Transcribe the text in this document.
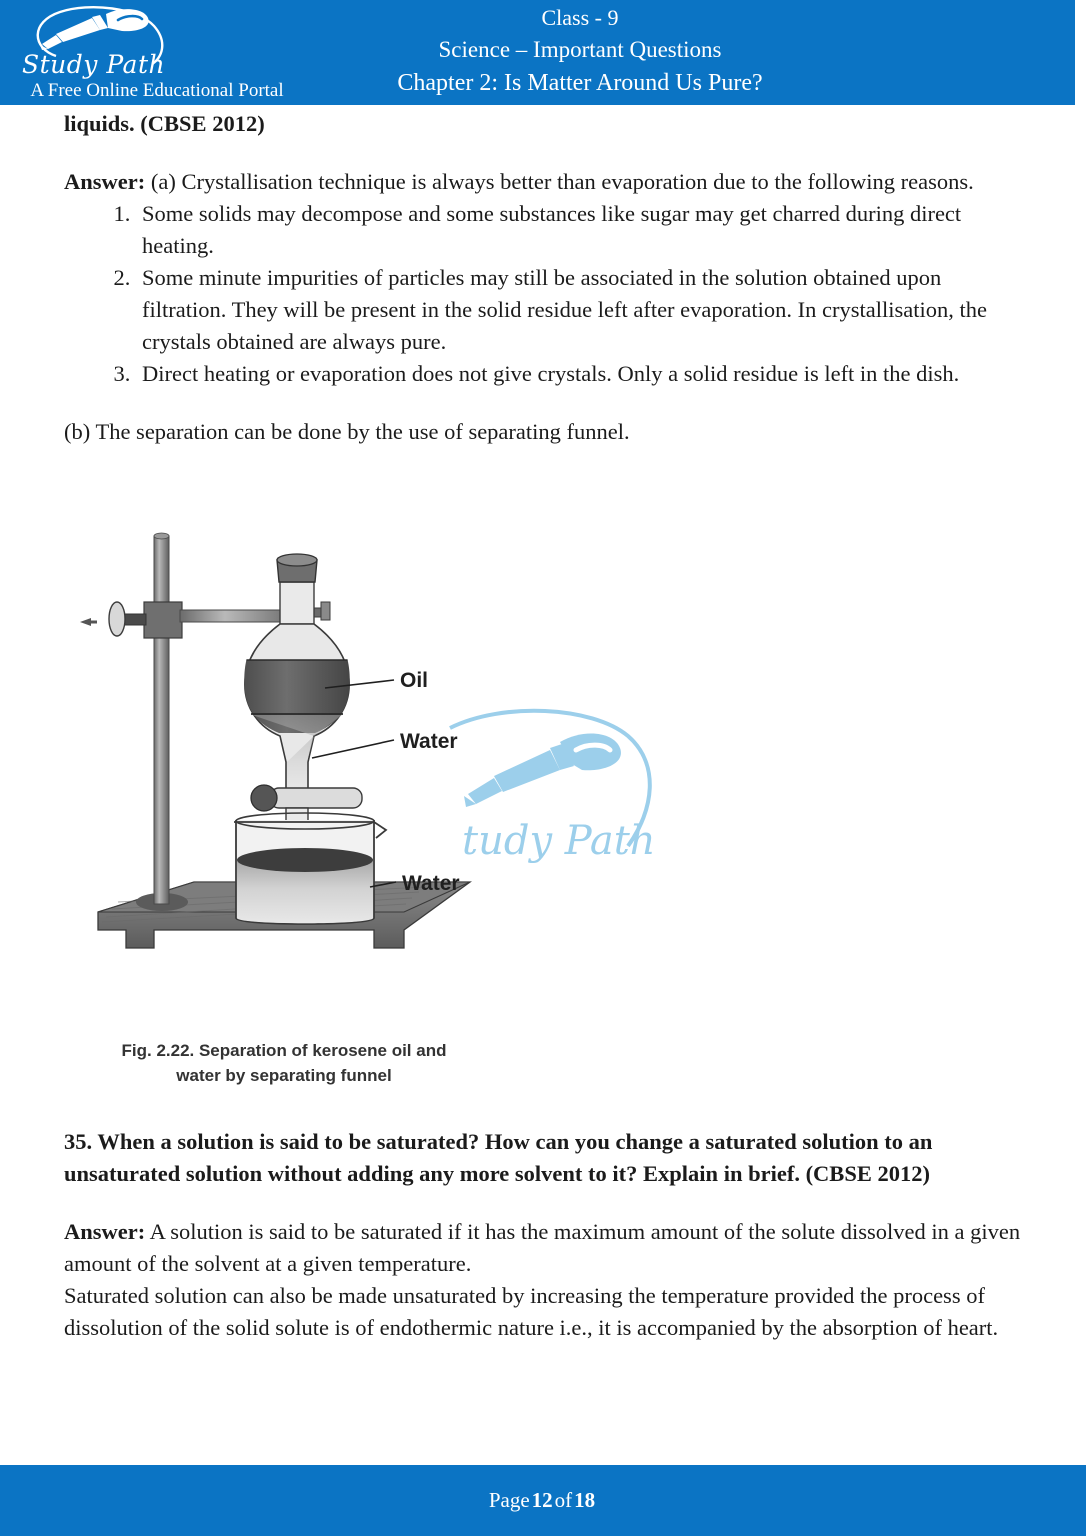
Study Path
A Free Online Educational Portal
Class - 9
Science – Important Questions
Chapter 2: Is Matter Around Us Pure?

liquids. (CBSE 2012)

Answer: (a) Crystallisation technique is always better than evaporation due to the following reasons.

1. Some solids may decompose and some substances like sugar may get charred during direct heating.
2. Some minute impurities of particles may still be associated in the solution obtained upon filtration. They will be present in the solid residue left after evaporation. In crystallisation, the crystals obtained are always pure.
3. Direct heating or evaporation does not give crystals. Only a solid residue is left in the dish.

(b) The separation can be done by the use of separating funnel.

Oil
Water
Water
Fig. 2.22. Separation of kerosene oil and
water by separating funnel
tudy Path

35. When a solution is said to be saturated? How can you change a saturated solution to an unsaturated solution without adding any more solvent to it? Explain in brief. (CBSE 2012)

Answer: A solution is said to be saturated if it has the maximum amount of the solute dissolved in a given amount of the solvent at a given temperature.

Saturated solution can also be made unsaturated by increasing the temperature provided the process of dissolution of the solid solute is of endothermic nature i.e., it is accompanied by the absorption of heart.

Page 12 of 18
